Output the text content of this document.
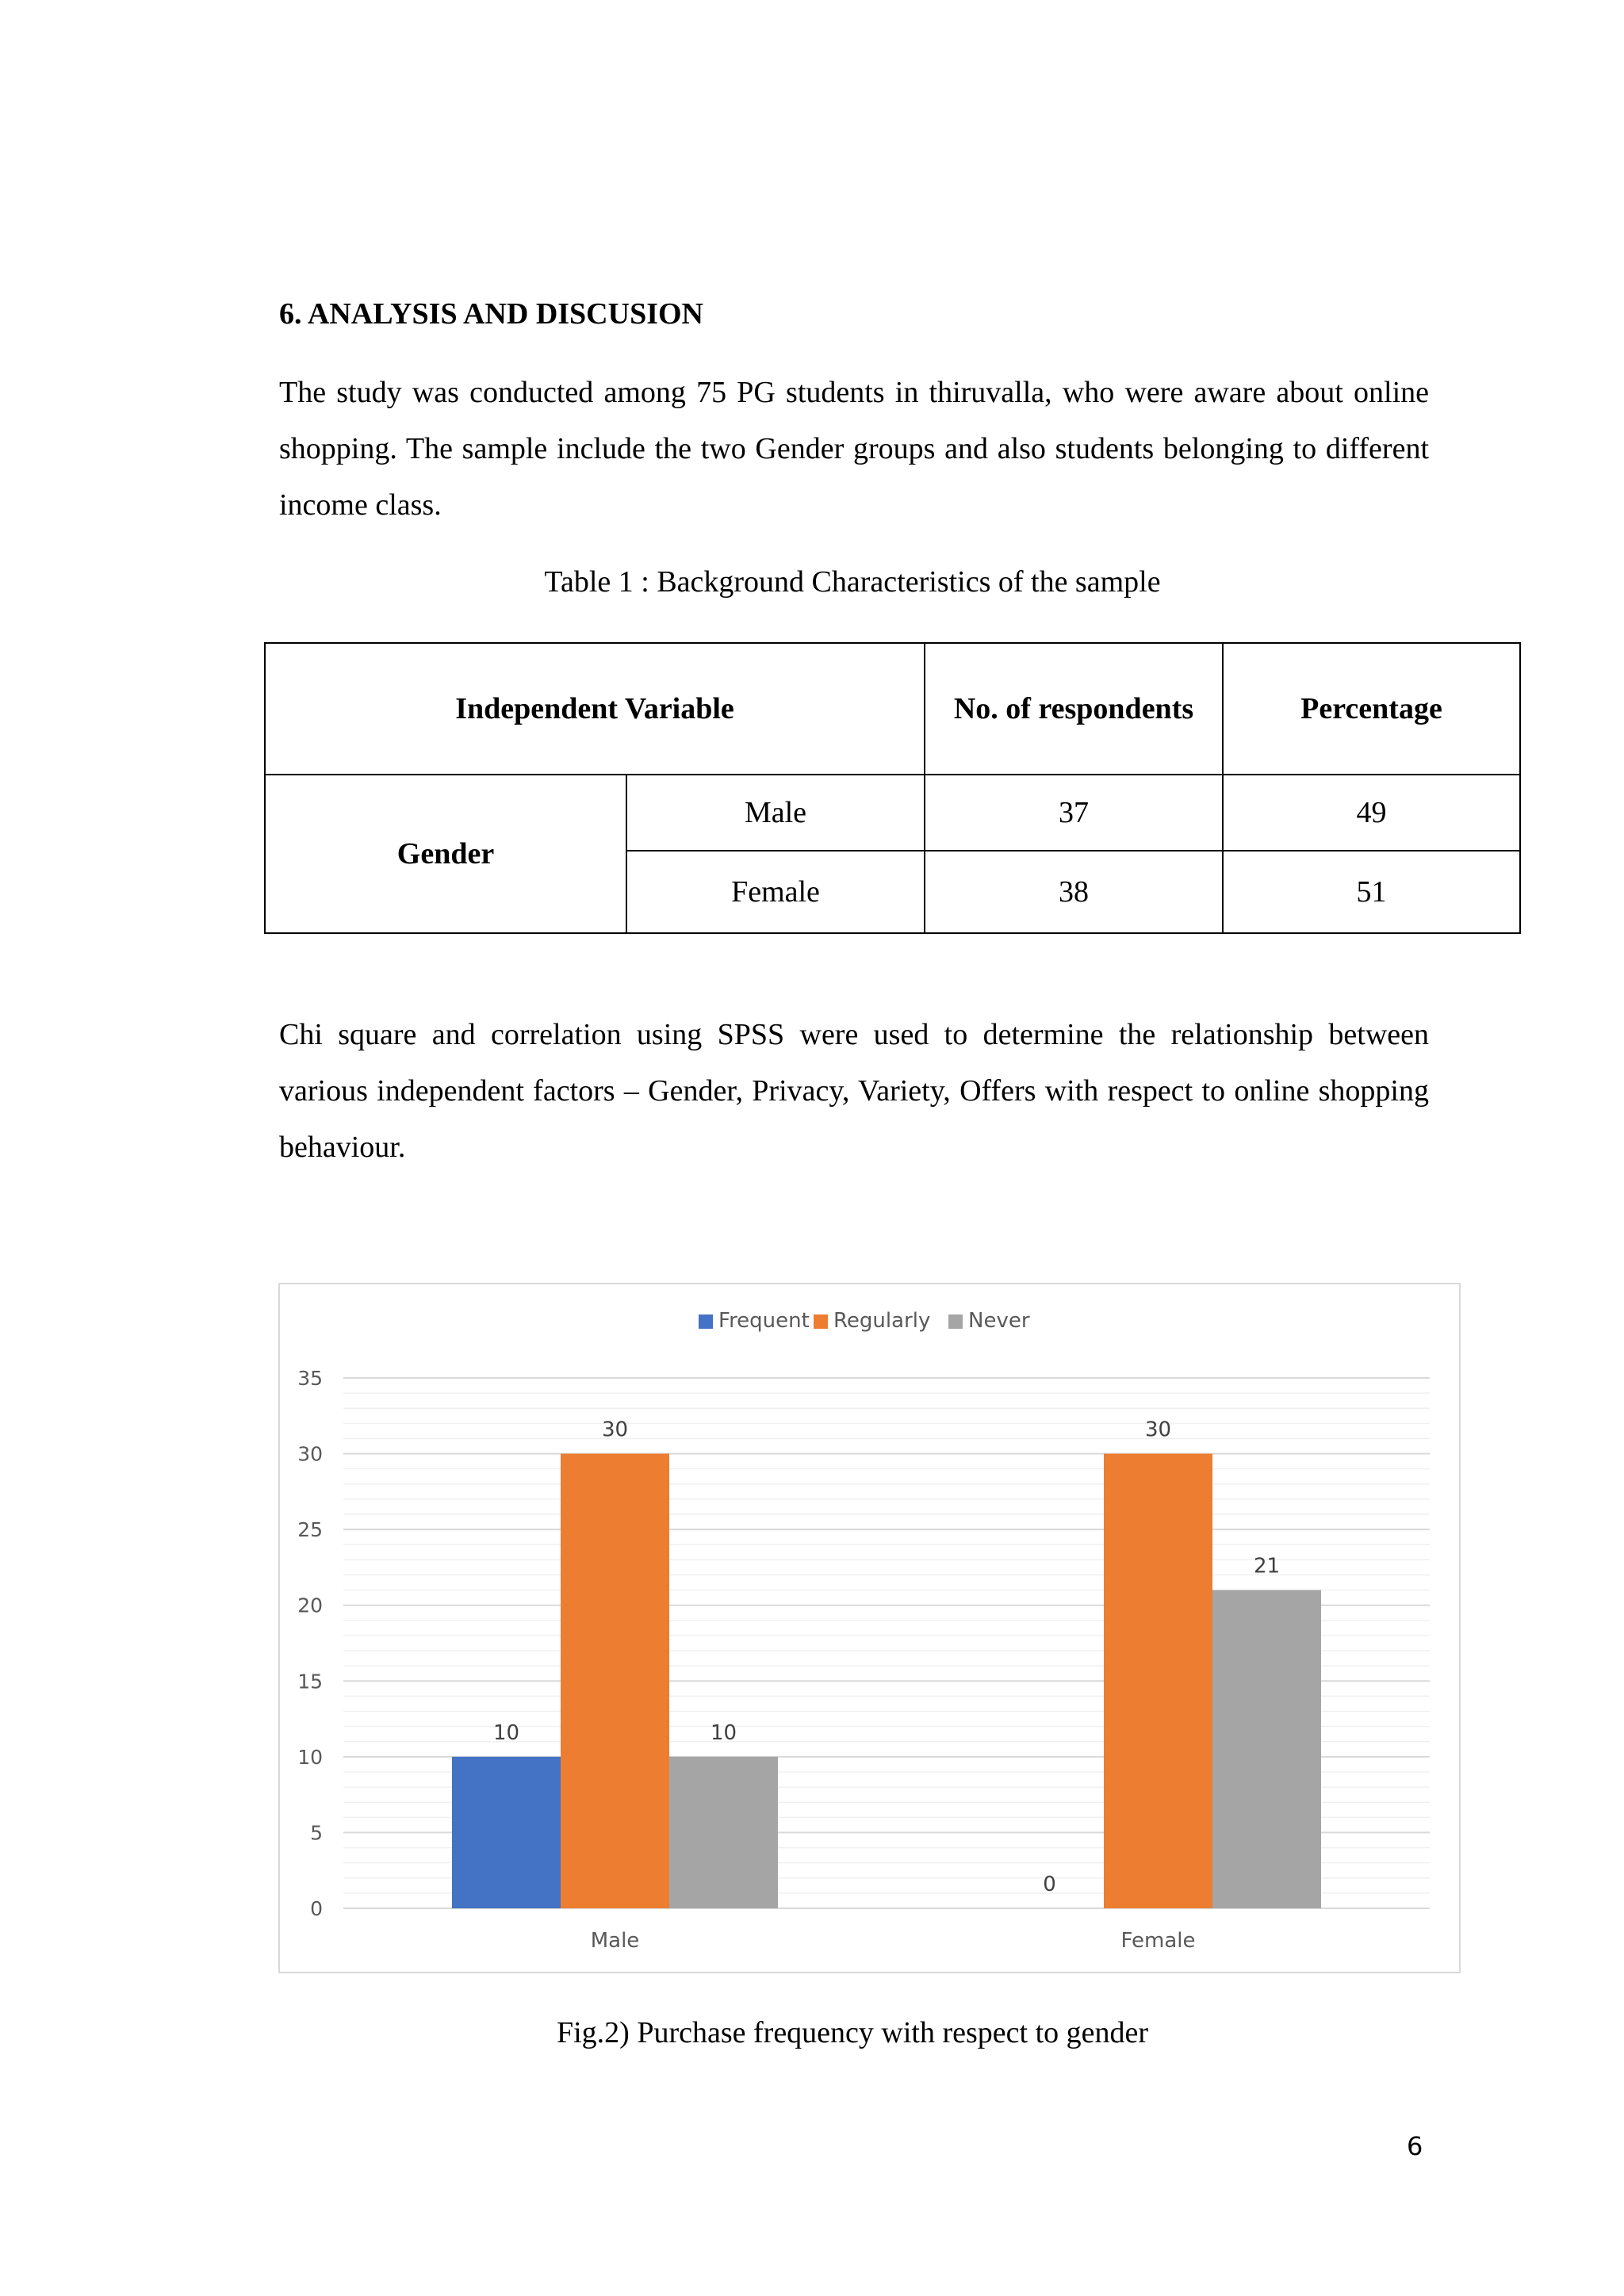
6. ANALYSIS AND DISCUSION
The study was conducted among 75 PG students in thiruvalla, who were aware about online shopping. The sample include the two Gender groups and also students belonging to different income class.
Table 1 : Background Characteristics of the sample
Independent Variable		No. of respondents	Percentage
Gender	Male	37	49
	Female	38	51
Chi square and correlation using SPSS were used to determine the relationship between various independent factors – Gender, Privacy, Variety, Offers with respect to online shopping behaviour.
0
5
10
15
20
25
30
35
10
30
10
Male
0
30
21
Female
Frequent Regularly Never
Fig.2) Purchase frequency with respect to gender
6
